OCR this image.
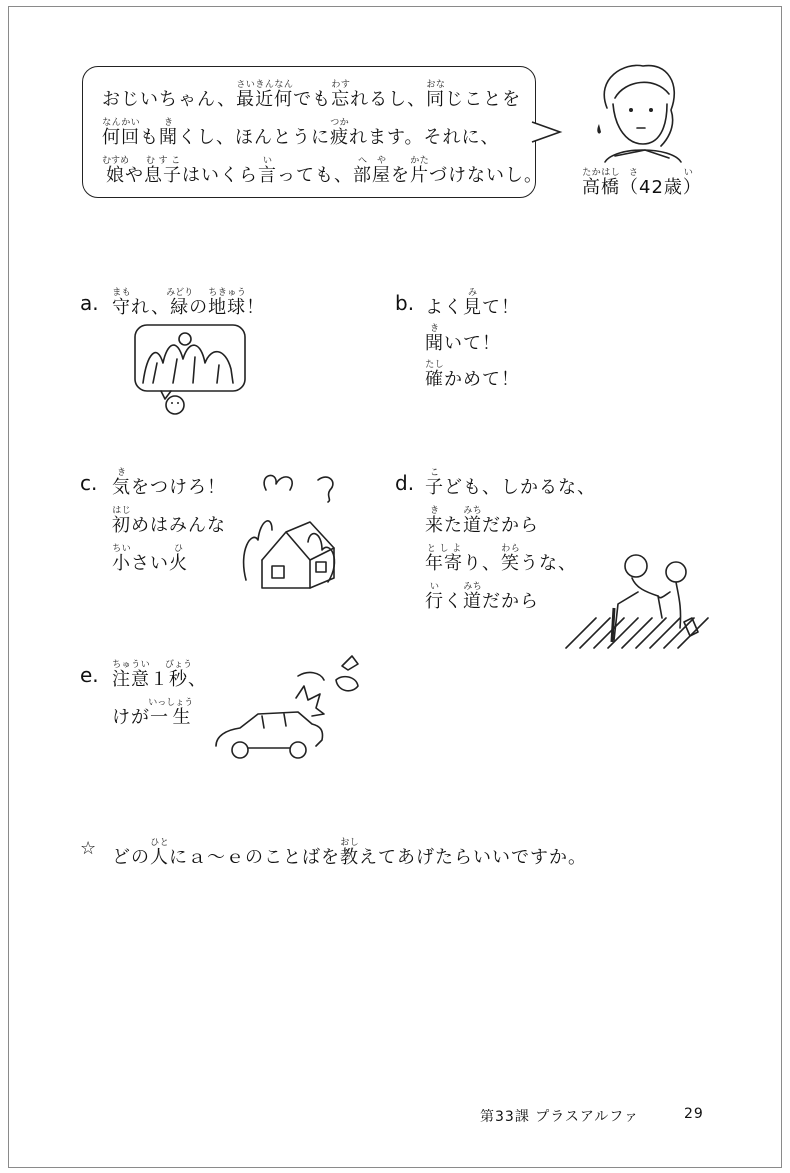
おじいちゃん、最近何さいきんなんでも忘わすれるし、同おなじことを
何回なんかいも聞きくし、ほんとうに疲つかれます。それに、
娘むすめや息子むすこはいくら言いっても、部屋へやを片かたづけないし。
高橋たかはし（42歳）さい
a. 守まもれ、緑みどりの地球ちきゅう！	b. よく見みて！
聞きいて！
確たしかめて！
c. 気きをつけろ！
初はじめはみんな
小ちいさい火ひ
d. 子こども、しかるな、
来きた道みちだから
年寄としより、笑わらうな、
行いく道みちだから
e. 注意ちゅうい１秒びょう、
けが一生いっしょう
☆ どの人ひとにａ～ｅのことばを教おしえてあげたらいいですか。
第33課 プラスアルファ	29
